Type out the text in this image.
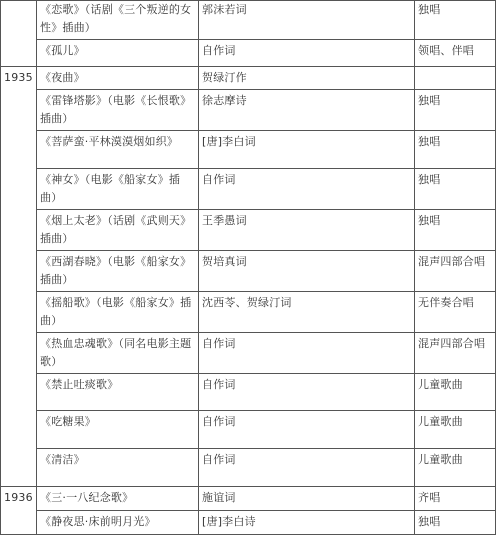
	《恋歌》（话剧《三个叛逆的女性》插曲）	郭沫若词	独唱
	《孤儿》	自作词	领唱、伴唱
1935	《夜曲》	贺绿汀作	
	《雷锋塔影》（电影《长恨歌》插曲）	徐志摩诗	独唱
	《菩萨蛮·平林漠漠烟如织》	[唐]李白词	独唱
	《神女》（电影《船家女》插曲）	自作词	独唱
	《烟上太老》（话剧《武则天》插曲）	王季愚词	独唱
	《西湖春晓》（电影《船家女》插曲）	贺培真词	混声四部合唱
	《摇船歌》（电影《船家女》插曲）	沈西苓、贺绿汀词	无伴奏合唱
	《热血忠魂歌》（同名电影主题歌）	自作词	混声四部合唱
	《禁止吐痰歌》	自作词	儿童歌曲
	《吃糖果》	自作词	儿童歌曲
	《清洁》	自作词	儿童歌曲
1936	《三·一八纪念歌》	施谊词	齐唱
	《静夜思·床前明月光》	[唐]李白诗	独唱
